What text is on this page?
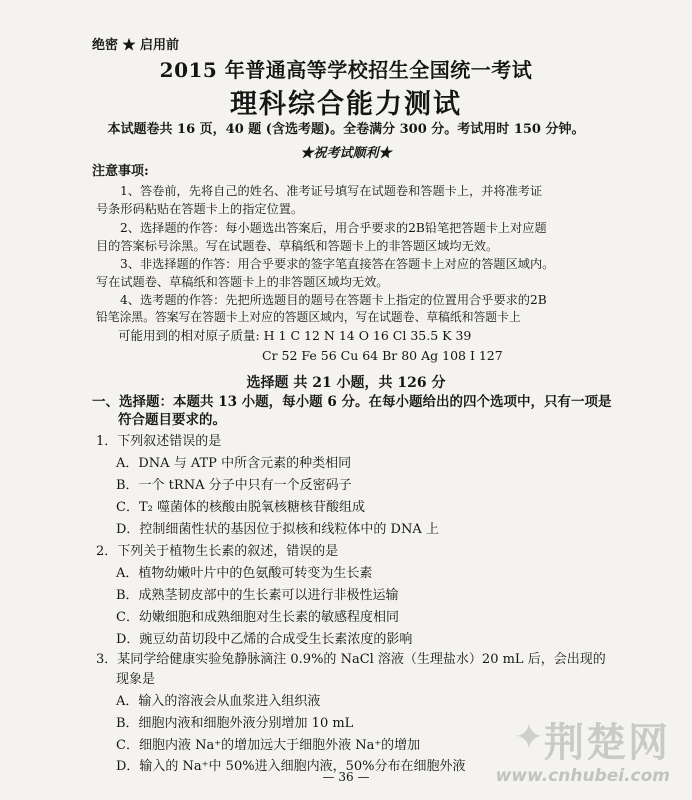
绝密 ★ 启用前
2015 年普通高等学校招生全国统一考试
理科综合能力测试
本试题卷共 16 页，40 题 (含选考题)。全卷满分 300 分。考试用时 150 分钟。
★祝考试顺利★
注意事项:
1、答卷前，先将自己的姓名、准考证号填写在试题卷和答题卡上，并将准考证
号条形码粘贴在答题卡上的指定位置。
2、选择题的作答：每小题选出答案后，用合乎要求的2B铅笔把答题卡上对应题
目的答案标号涂黑。写在试题卷、草稿纸和答题卡上的非答题区域均无效。
3、非选择题的作答：用合乎要求的签字笔直接答在答题卡上对应的答题区域内。
写在试题卷、草稿纸和答题卡上的非答题区域均无效。
4、选考题的作答：先把所选题目的题号在答题卡上指定的位置用合乎要求的2B
铅笔涂黑。答案写在答题卡上对应的答题区域内，写在试题卷、草稿纸和答题卡上
可能用到的相对原子质量: H 1 C 12 N 14 O 16 Cl 35.5 K 39
Cr 52 Fe 56 Cu 64 Br 80 Ag 108 I 127
选择题 共 21 小题，共 126 分
一、选择题：本题共 13 小题，每小题 6 分。在每小题给出的四个选项中，只有一项是
符合题目要求的。
1．下列叙述错误的是
A．DNA 与 ATP 中所含元素的种类相同
B．一个 tRNA 分子中只有一个反密码子
C．T₂ 噬菌体的核酸由脱氧核糖核苷酸组成
D．控制细菌性状的基因位于拟核和线粒体中的 DNA 上
2．下列关于植物生长素的叙述，错误的是
A．植物幼嫩叶片中的色氨酸可转变为生长素
B．成熟茎韧皮部中的生长素可以进行非极性运输
C．幼嫩细胞和成熟细胞对生长素的敏感程度相同
D．豌豆幼苗切段中乙烯的合成受生长素浓度的影响
3．某同学给健康实验兔静脉滴注 0.9%的 NaCl 溶液（生理盐水）20 mL 后，会出现的
现象是
A．输入的溶液会从血浆进入组织液
B．细胞内液和细胞外液分别增加 10 mL
C．细胞内液 Na⁺的增加远大于细胞外液 Na⁺的增加
D．输入的 Na⁺中 50%进入细胞内液，50%分布在细胞外液
— 36 —
✦ 荆楚网
www.cnhubei.com
